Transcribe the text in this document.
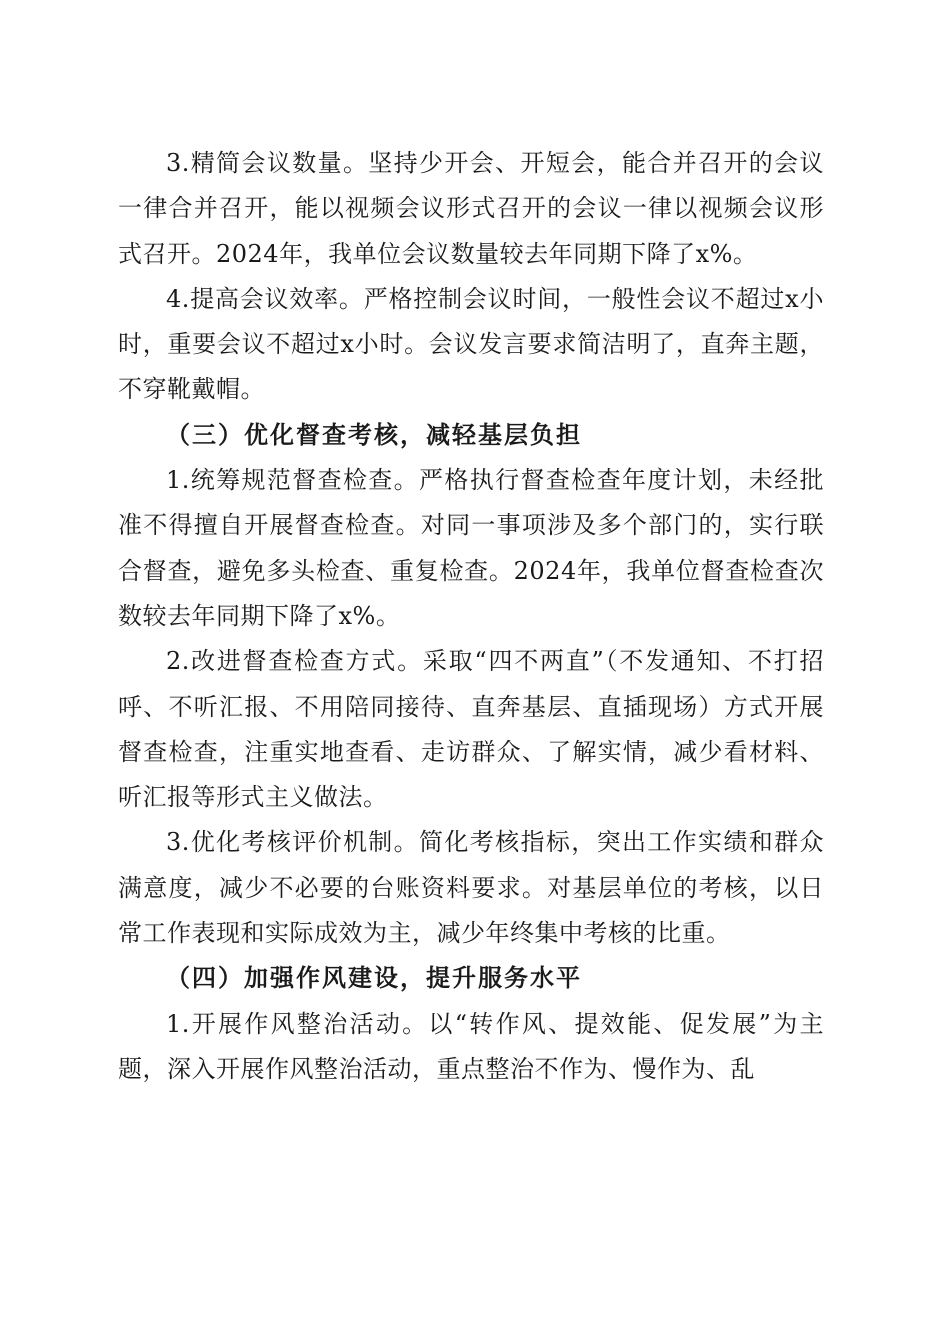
3.精简会议数量。坚持少开会、开短会，能合并召开的会议一律合并召开，能以视频会议形式召开的会议一律以视频会议形式召开。2024年，我单位会议数量较去年同期下降了x%。

4.提高会议效率。严格控制会议时间，一般性会议不超过x小时，重要会议不超过x小时。会议发言要求简洁明了，直奔主题，不穿靴戴帽。

（三）优化督查考核，减轻基层负担

1.统筹规范督查检查。严格执行督查检查年度计划，未经批准不得擅自开展督查检查。对同一事项涉及多个部门的，实行联合督查，避免多头检查、重复检查。2024年，我单位督查检查次数较去年同期下降了x%。

2.改进督查检查方式。采取“四不两直”（不发通知、不打招呼、不听汇报、不用陪同接待、直奔基层、直插现场）方式开展督查检查，注重实地查看、走访群众、了解实情，减少看材料、听汇报等形式主义做法。

3.优化考核评价机制。简化考核指标，突出工作实绩和群众满意度，减少不必要的台账资料要求。对基层单位的考核，以日常工作表现和实际成效为主，减少年终集中考核的比重。

（四）加强作风建设，提升服务水平

1.开展作风整治活动。以“转作风、提效能、促发展”为主题，深入开展作风整治活动，重点整治不作为、慢作为、乱
